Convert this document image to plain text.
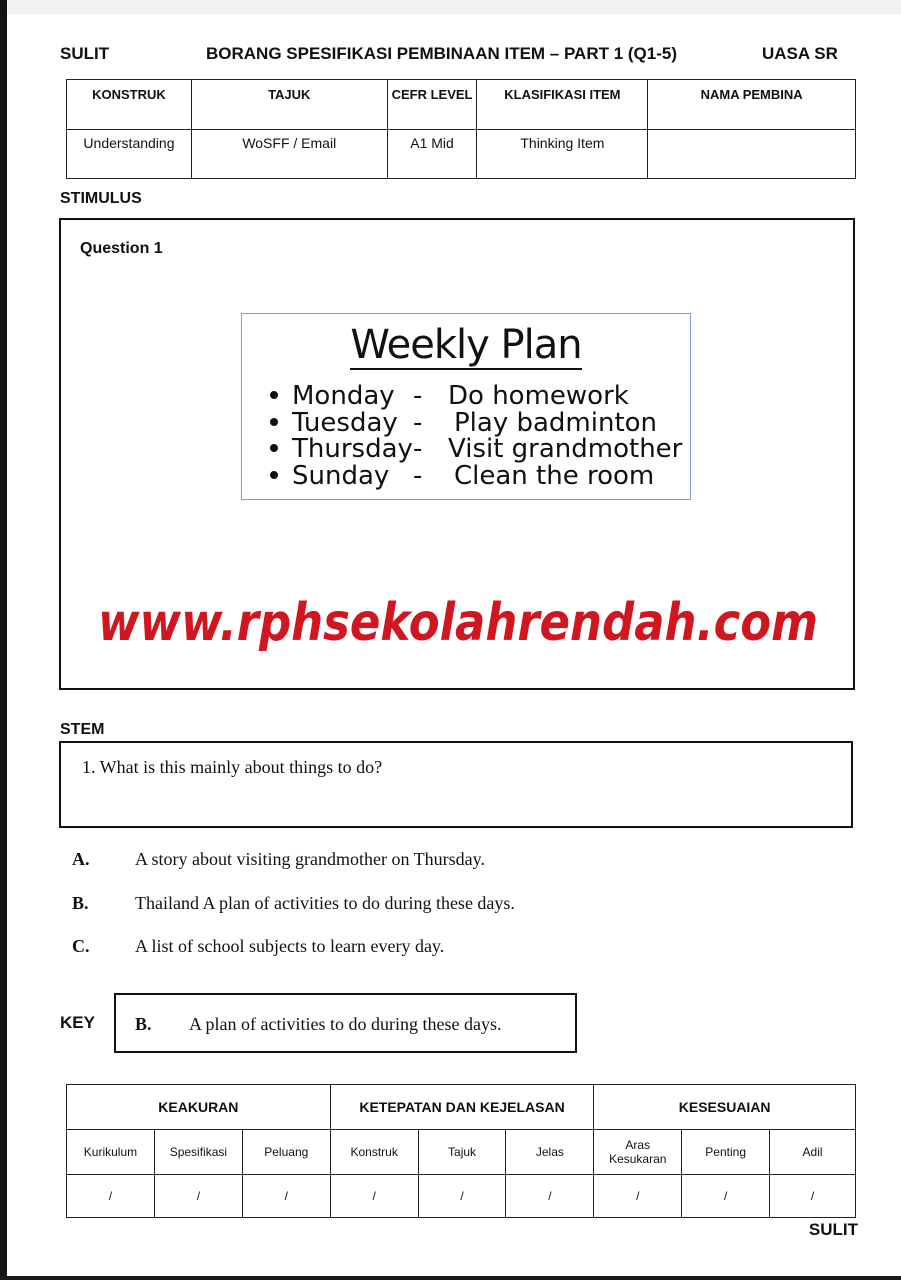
SULIT	BORANG SPESIFIKASI PEMBINAAN ITEM – PART 1 (Q1-5)	UASA SR
KONSTRUK	TAJUK	CEFR LEVEL	KLASIFIKASI ITEM	NAMA PEMBINA
Understanding	WoSFF / Email	A1 Mid	Thinking Item	
STIMULUS
Question 1
Weekly Plan
Monday - Do homework
Tuesday - Play badminton
Thursday - Visit grandmother
Sunday - Clean the room
www.rphsekolahrendah.com
STEM
1. What is this mainly about things to do?
A.	A story about visiting grandmother on Thursday.
B.	Thailand A plan of activities to do during these days.
C.	A list of school subjects to learn every day.
KEY B. A plan of activities to do during these days.
KEAKURAN			KETEPATAN DAN KEJELASAN			KESESUAIAN		
Kurikulum	Spesifikasi	Peluang	Konstruk	Tajuk	Jelas	Aras Kesukaran	Penting	Adil
/	/	/	/	/	/	/	/	/
SULIT
